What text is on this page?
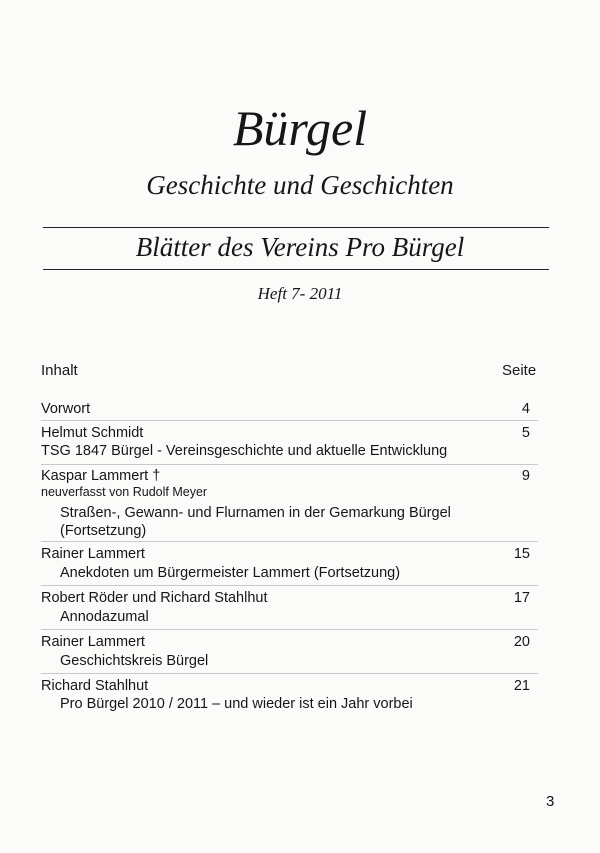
Bürgel
Geschichte und Geschichten
Blätter des Vereins Pro Bürgel
Heft 7- 2011
Inhalt	Seite
Vorwort	4
Helmut Schmidt	5
TSG 1847 Bürgel - Vereinsgeschichte und aktuelle Entwicklung
Kaspar Lammert †	9
neuverfasst von Rudolf Meyer
Straßen-, Gewann- und Flurnamen in der Gemarkung Bürgel
(Fortsetzung)
Rainer Lammert	15
Anekdoten um Bürgermeister Lammert (Fortsetzung)
Robert Röder und Richard Stahlhut	17
Annodazumal
Rainer Lammert	20
Geschichtskreis Bürgel
Richard Stahlhut	21
Pro Bürgel 2010 / 2011 – und wieder ist ein Jahr vorbei
3
